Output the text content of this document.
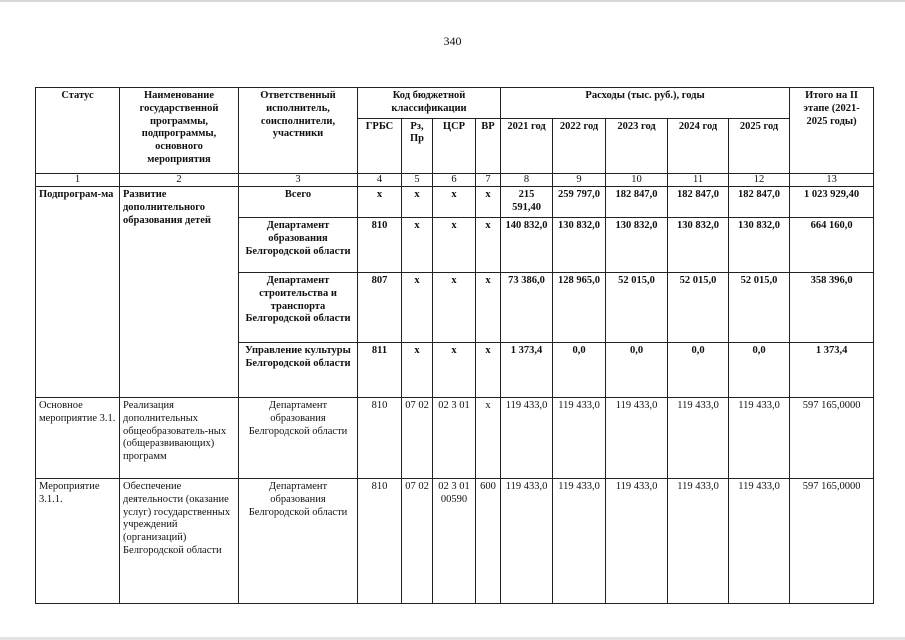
340
Статус	Наименование государственной программы, подпрограммы, основного мероприятия	Ответственный исполнитель, соисполнители, участники	Код бюджетной классификации				Расходы (тыс. руб.), годы					Итого на II этапе (2021-2025 годы)
			ГРБС	Рз, Пр	ЦСР	ВР	2021 год	2022 год	2023 год	2024 год	2025 год	
1	2	3	4	5	6	7	8	9	10	11	12	13
Подпрограм-ма	Развитие дополнительного образования детей	Всего	х	х	х	х	215 591,40	259 797,0	182 847,0	182 847,0	182 847,0	1 023 929,40
		Департамент образования Белгородской области	810	х	х	х	140 832,0	130 832,0	130 832,0	130 832,0	130 832,0	664 160,0
		Департамент строительства и транспорта Белгородской области	807	х	х	х	73 386,0	128 965,0	52 015,0	52 015,0	52 015,0	358 396,0
		Управление культуры Белгородской области	811	х	х	х	1 373,4	0,0	0,0	0,0	0,0	1 373,4
Основное мероприятие 3.1.	Реализация дополнительных общеобразователь-ных (общеразвивающих) программ	Департамент образования Белгородской области	810	07 02	02 3 01	х	119 433,0	119 433,0	119 433,0	119 433,0	119 433,0	597 165,0000
Мероприятие 3.1.1.	Обеспечение деятельности (оказание услуг) государственных учреждений (организаций) Белгородской области	Департамент образования Белгородской области	810	07 02	02 3 01 00590	600	119 433,0	119 433,0	119 433,0	119 433,0	119 433,0	597 165,0000
